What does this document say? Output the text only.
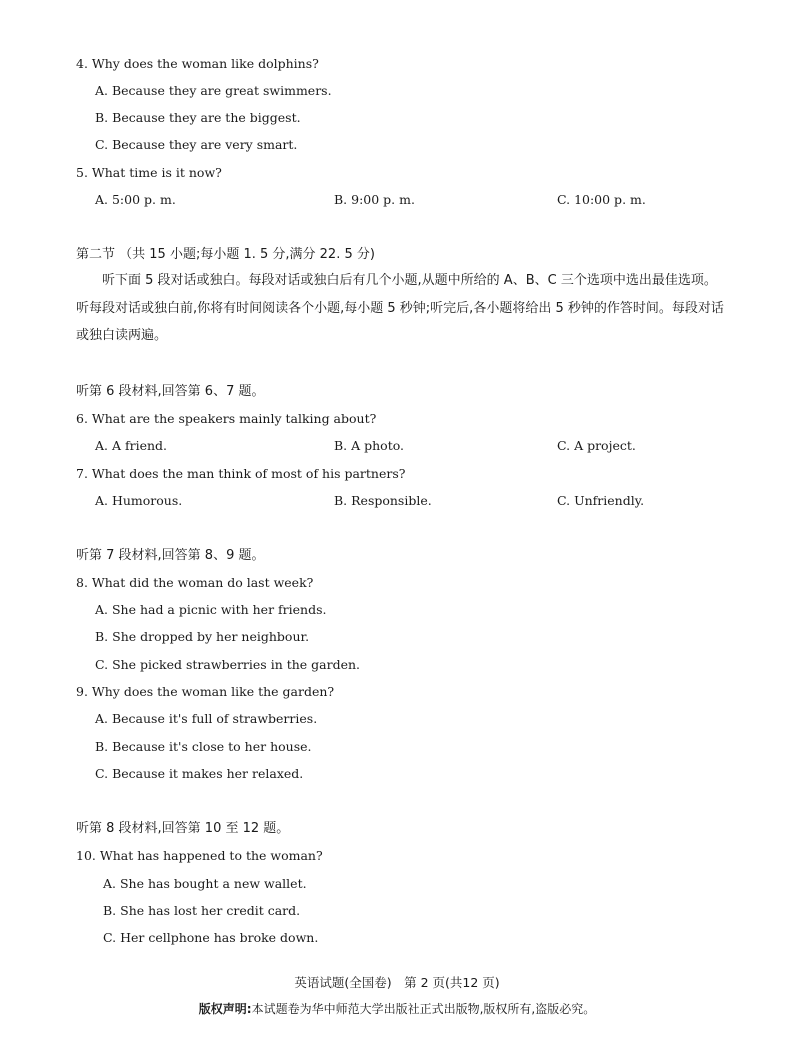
4. Why does the woman like dolphins?
A. Because they are great swimmers.
B. Because they are the biggest.
C. Because they are very smart.
5. What time is it now?
A. 5:00 p. m.	B. 9:00 p. m.	C. 10:00 p. m.
第二节 （共 15 小题;每小题 1. 5 分,满分 22. 5 分)
听下面 5 段对话或独白。每段对话或独白后有几个小题,从题中所给的 A、B、C 三个选项中选出最佳选项。听每段对话或独白前,你将有时间阅读各个小题,每小题 5 秒钟;听完后,各小题将给出 5 秒钟的作答时间。每段对话或独白读两遍。
听第 6 段材料,回答第 6、7 题。
6. What are the speakers mainly talking about?
A. A friend.	B. A photo.	C. A project.
7. What does the man think of most of his partners?
A. Humorous.	B. Responsible.	C. Unfriendly.
听第 7 段材料,回答第 8、9 题。
8. What did the woman do last week?
A. She had a picnic with her friends.
B. She dropped by her neighbour.
C. She picked strawberries in the garden.
9. Why does the woman like the garden?
A. Because it's full of strawberries.
B. Because it's close to her house.
C. Because it makes her relaxed.
听第 8 段材料,回答第 10 至 12 题。
10. What has happened to the woman?
A. She has bought a new wallet.
B. She has lost her credit card.
C. Her cellphone has broke down.
英语试题(全国卷)　第 2 页(共12 页)
版权声明:本试题卷为华中师范大学出版社正式出版物,版权所有,盗版必究。
